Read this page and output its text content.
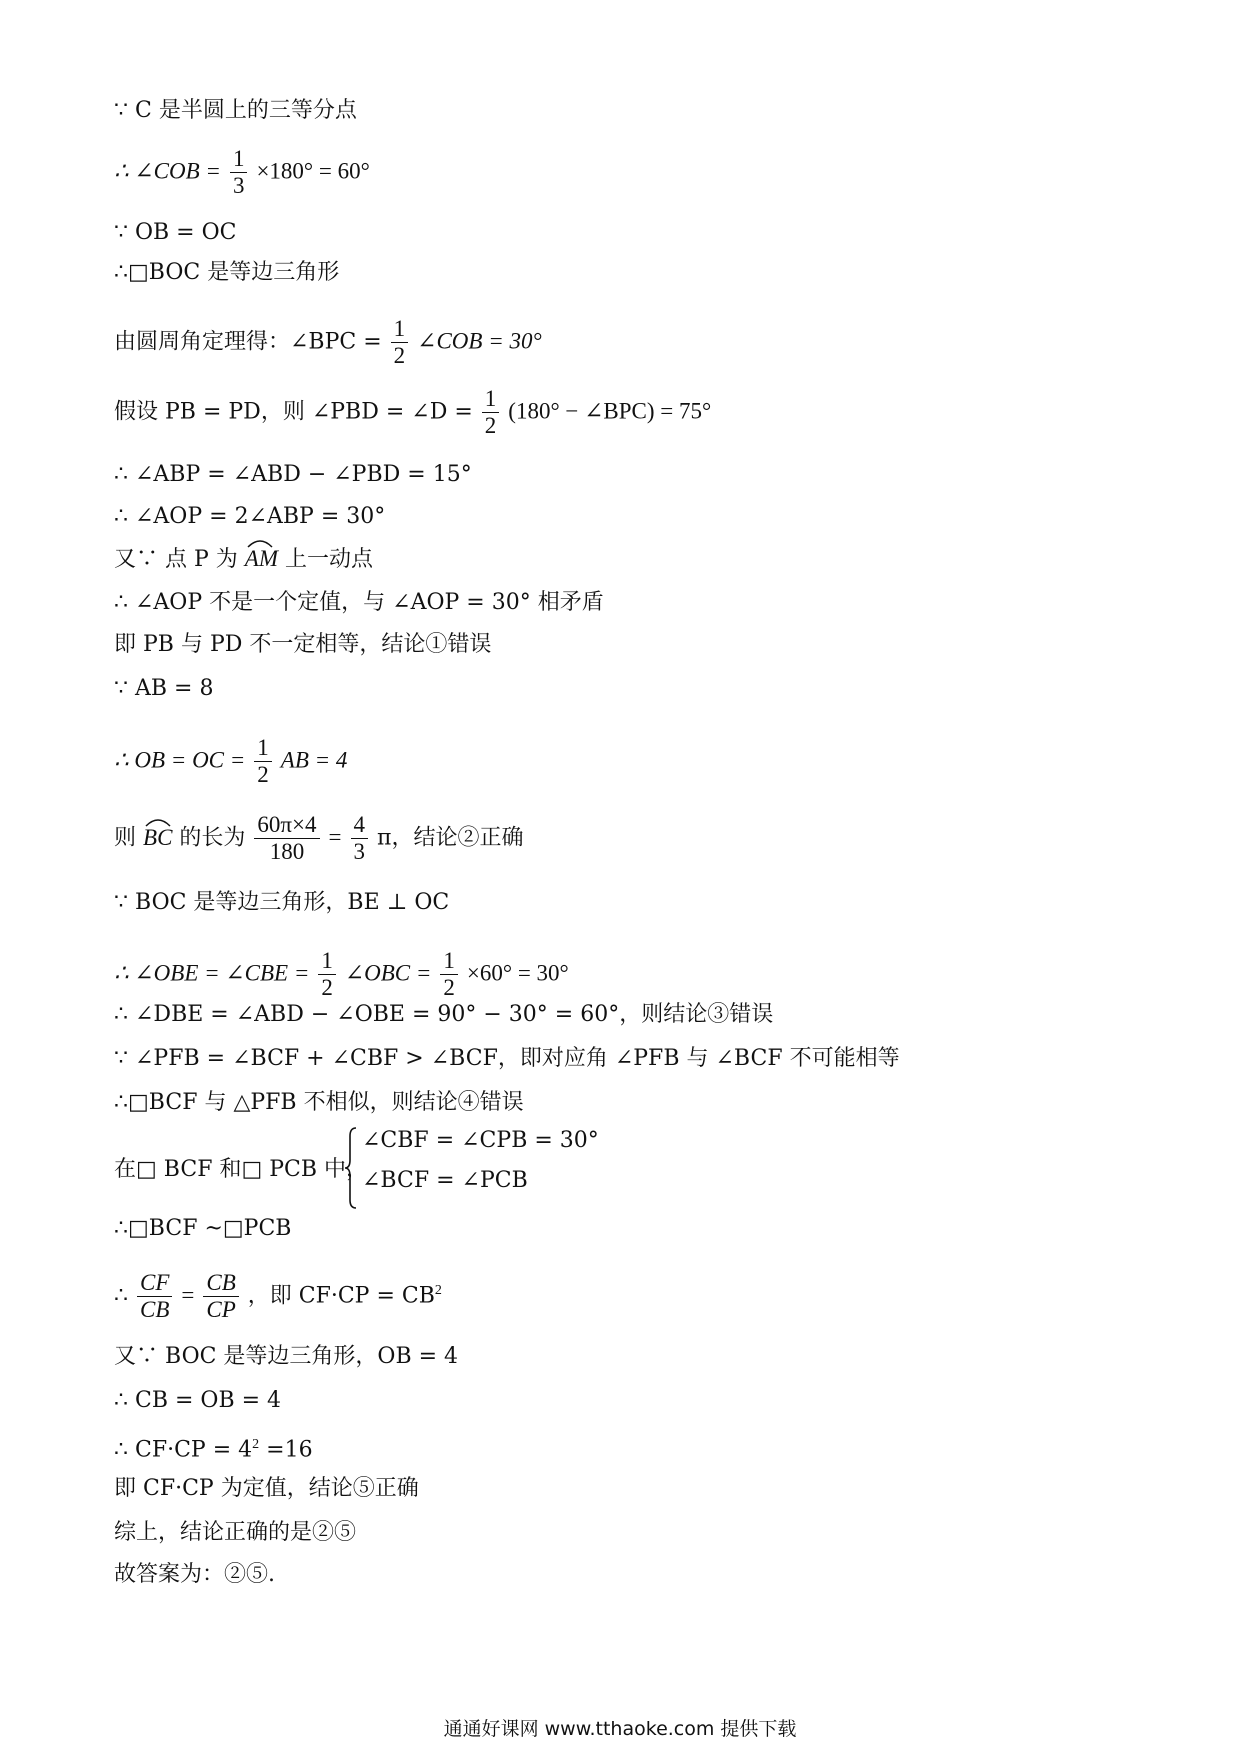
∵ C 是半圆上的三等分点
∴ ∠COB = $\frac{1}{3} \times 180^\circ = 60^\circ$
∵ OB = OC
∴□BOC 是等边三角形
由圆周角定理得：∠BPC = $\frac{1}{2}$ ∠COB = 30°
假设 PB = PD，则 ∠PBD = ∠D = $\frac{1}{2} (180^\circ$ − ∠BPC) = 75°
∴ ∠ABP = ∠ABD − ∠PBD = 15°
∴ ∠AOP = 2∠ABP = 30°
又∵ 点 P 为 AM 上一动点
∴ ∠AOP 不是一个定值，与 ∠AOP = 30° 相矛盾
即 PB 与 PD 不一定相等，结论①错误
∵ AB = 8
∴ OB = OC = $\frac{1}{2}$ AB = 4
则 BC 的长为 $\frac{60\pi\times 4}{180} = \frac{4}{3}$ π，结论②正确
∵ BOC 是等边三角形，BE ⊥ OC
∴ ∠OBE = ∠CBE = $\frac{1}{2}$ ∠OBC = $\frac{1}{2} \times 60^\circ = 30^\circ$
∴ ∠DBE = ∠ABD − ∠OBE = 90° − 30° = 60°，则结论③错误
∵ ∠PFB = ∠BCF + ∠CBF > ∠BCF，即对应角 ∠PFB 与 ∠BCF 不可能相等
∴□BCF 与 △PFB 不相似，则结论④错误
在□ BCF 和□ PCB 中，
∠CBF = ∠CPB = 30°
∠BCF = ∠PCB
∴□BCF ~□PCB
∴ $\frac{CF}{CB} = \frac{CB}{CP}$ ，即 $CF\cdot CP = CB^2$
又∵ BOC 是等边三角形，OB = 4
∴ CB = OB = 4
∴ $CF\cdot CP = 4^2 =16$
即 CF·CP 为定值，结论⑤正确
综上，结论正确的是②⑤
故答案为：②⑤.
通通好课网 www.tthaoke.com 提供下载
